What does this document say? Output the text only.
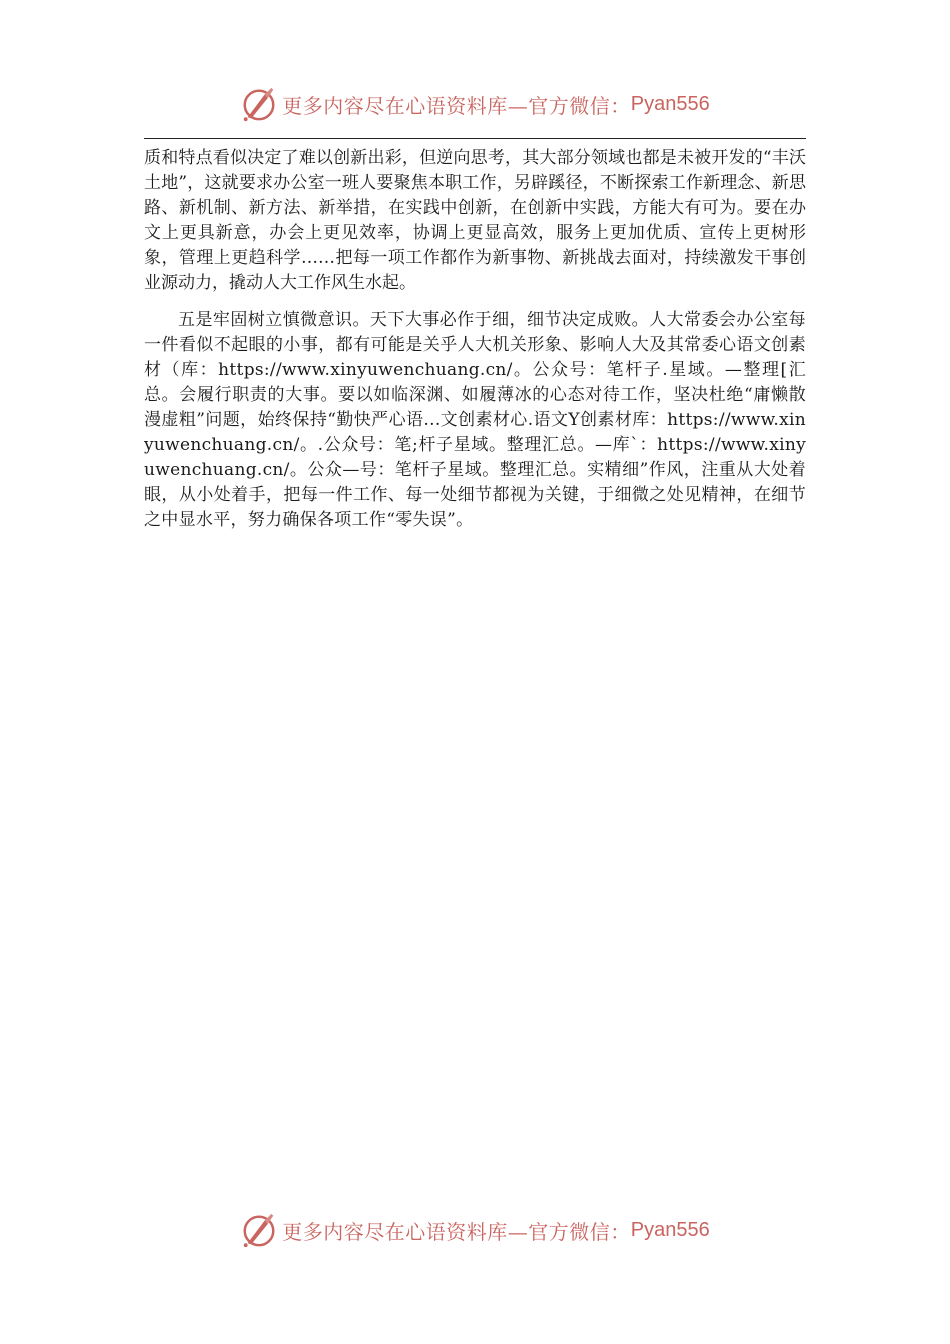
更多内容尽在心语资料库—官方微信： Pyan556

质和特点看似决定了难以创新出彩，但逆向思考，其大部分领域也都是未被开发的“丰沃土地”，这就要求办公室一班人要聚焦本职工作，另辟蹊径，不断探索工作新理念、新思路、新机制、新方法、新举措，在实践中创新，在创新中实践，方能大有可为。要在办文上更具新意，办会上更见效率，协调上更显高效，服务上更加优质、宣传上更树形象，管理上更趋科学……把每一项工作都作为新事物、新挑战去面对，持续激发干事创业源动力，撬动人大工作风生水起。

五是牢固树立慎微意识。天下大事必作于细，细节决定成败。人大常委会办公室每一件看似不起眼的小事，都有可能是关乎人大机关形象、影响人大及其常委心语文创素材（库：https://www.xinyuwenchuang.cn/。公众号：笔杆子.星域。—整理[汇总。会履行职责的大事。要以如临深渊、如履薄冰的心态对待工作，坚决杜绝“庸懒散漫虚粗”问题，始终保持“勤快严心语...文创素材心.语文Y创素材库：https://www.xinyuwenchuang.cn/。.公众号：笔;杆子星域。整理汇总。—库`：https://www.xinyuwenchuang.cn/。公众—号：笔杆子星域。整理汇总。实精细”作风，注重从大处着眼，从小处着手，把每一件工作、每一处细节都视为关键，于细微之处见精神，在细节之中显水平，努力确保各项工作“零失误”。

更多内容尽在心语资料库—官方微信： Pyan556
